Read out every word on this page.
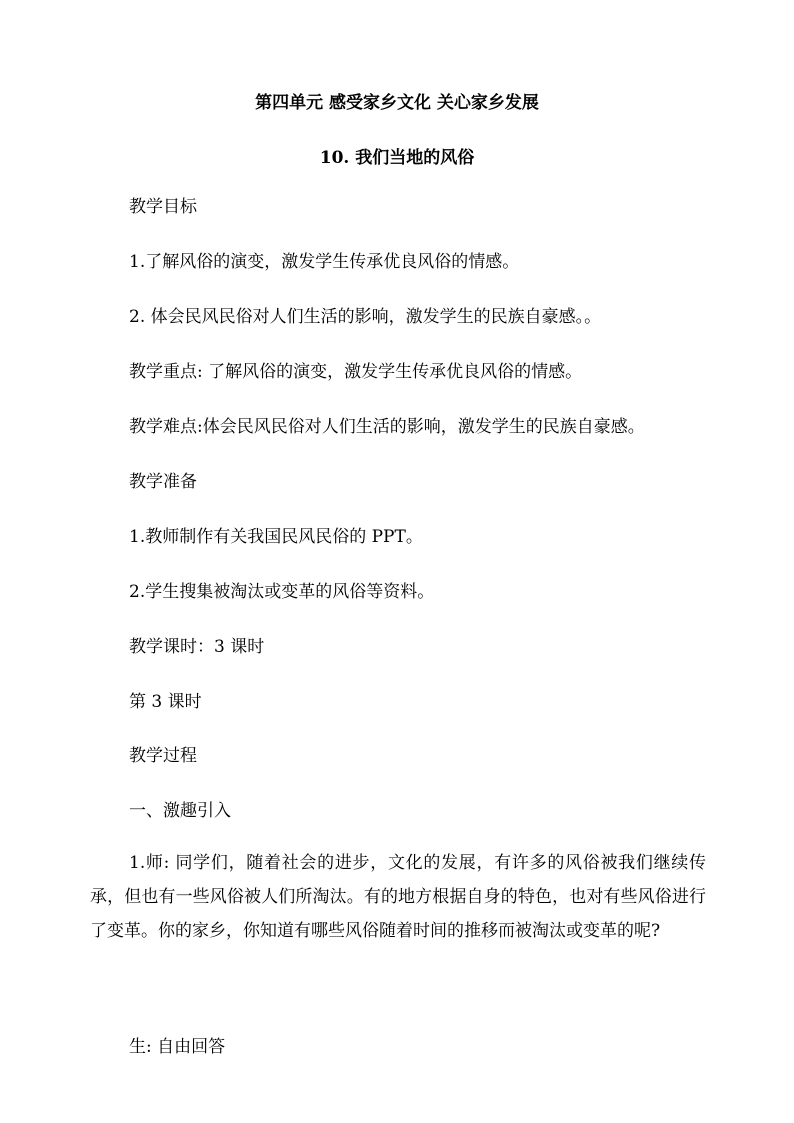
第四单元 感受家乡文化 关心家乡发展
10. 我们当地的风俗
教学目标
1.了解风俗的演变，激发学生传承优良风俗的情感。
2. 体会民风民俗对人们生活的影响，激发学生的民族自豪感。。
教学重点: 了解风俗的演变，激发学生传承优良风俗的情感。
教学难点:体会民风民俗对人们生活的影响，激发学生的民族自豪感。
教学准备
1.教师制作有关我国民风民俗的 PPT。
2.学生搜集被淘汰或变革的风俗等资料。
教学课时：3 课时
第 3 课时
教学过程
一、激趣引入
1.师: 同学们，随着社会的进步，文化的发展，有许多的风俗被我们继续传承，但也有一些风俗被人们所淘汰。有的地方根据自身的特色，也对有些风俗进行了变革。你的家乡，你知道有哪些风俗随着时间的推移而被淘汰或变革的呢?
生: 自由回答
